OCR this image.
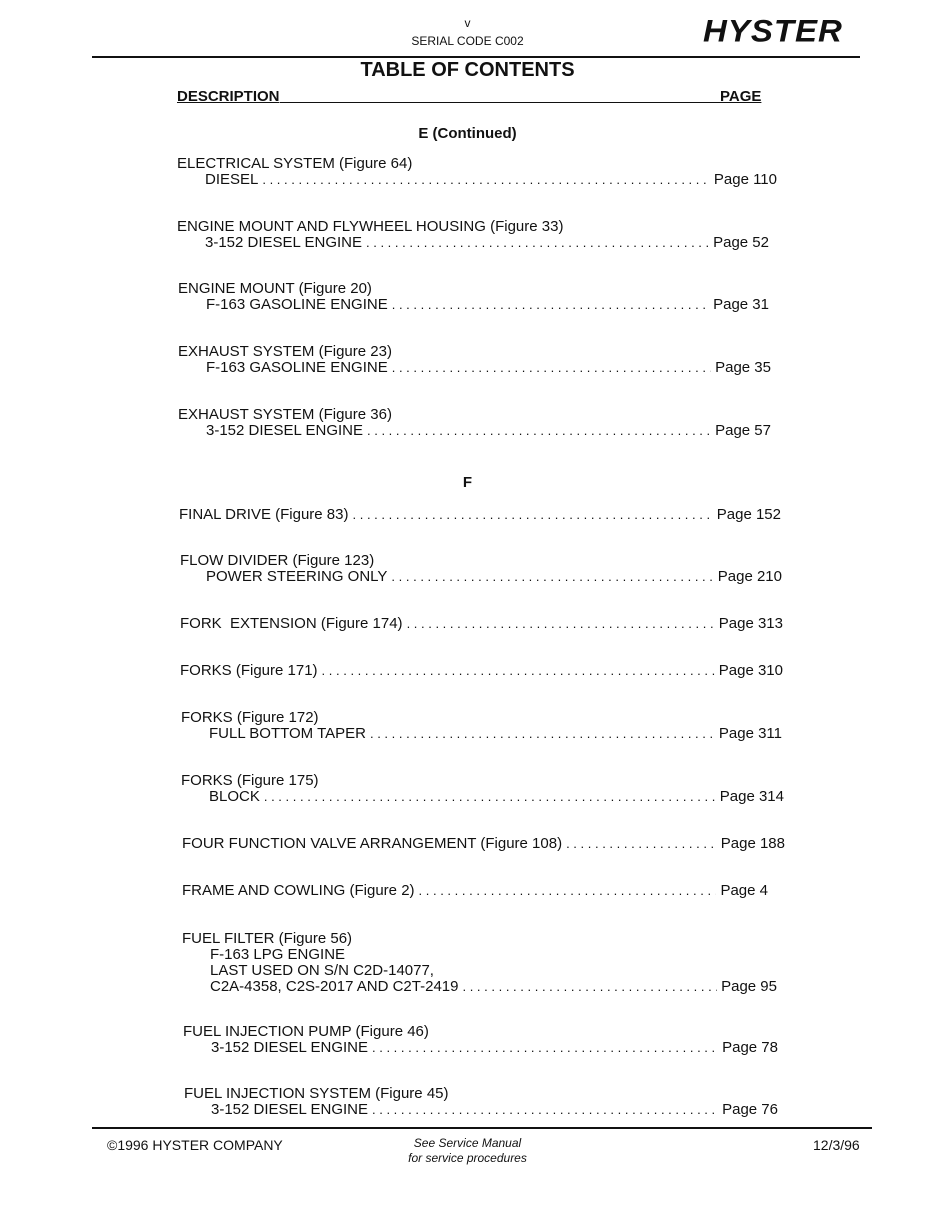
v
SERIAL CODE C002	HYSTER
TABLE OF CONTENTS
DESCRIPTION	PAGE
E (Continued)
F
ELECTRICAL SYSTEM (Figure 64)
DIESEL . . .	Page 110
ENGINE MOUNT AND FLYWHEEL HOUSING (Figure 33)
3-152 DIESEL ENGINE . . .	Page 52
ENGINE MOUNT (Figure 20)
F-163 GASOLINE ENGINE . . .	Page 31
EXHAUST SYSTEM (Figure 23)
F-163 GASOLINE ENGINE . . .	Page 35
EXHAUST SYSTEM (Figure 36)
3-152 DIESEL ENGINE . . .	Page 57
FINAL DRIVE (Figure 83) . . .	Page 152
FLOW DIVIDER (Figure 123)
POWER STEERING ONLY . . .	Page 210
FORK  EXTENSION (Figure 174) . . .	Page 313
FORKS (Figure 171) . . .	Page 310
FORKS (Figure 172)
FULL BOTTOM TAPER . . .	Page 311
FORKS (Figure 175)
BLOCK . . .	Page 314
FOUR FUNCTION VALVE ARRANGEMENT (Figure 108) . . .	Page 188
FRAME AND COWLING (Figure 2) . . .	Page 4
FUEL FILTER (Figure 56)
F-163 LPG ENGINE
LAST USED ON S/N C2D-14077,
C2A-4358, C2S-2017 AND C2T-2419 . . .	Page 95
FUEL INJECTION PUMP (Figure 46)
3-152 DIESEL ENGINE . . .	Page 78
FUEL INJECTION SYSTEM (Figure 45)
3-152 DIESEL ENGINE . . .	Page 76
©1996 HYSTER COMPANY	See Service Manual
for service procedures
12/3/96
